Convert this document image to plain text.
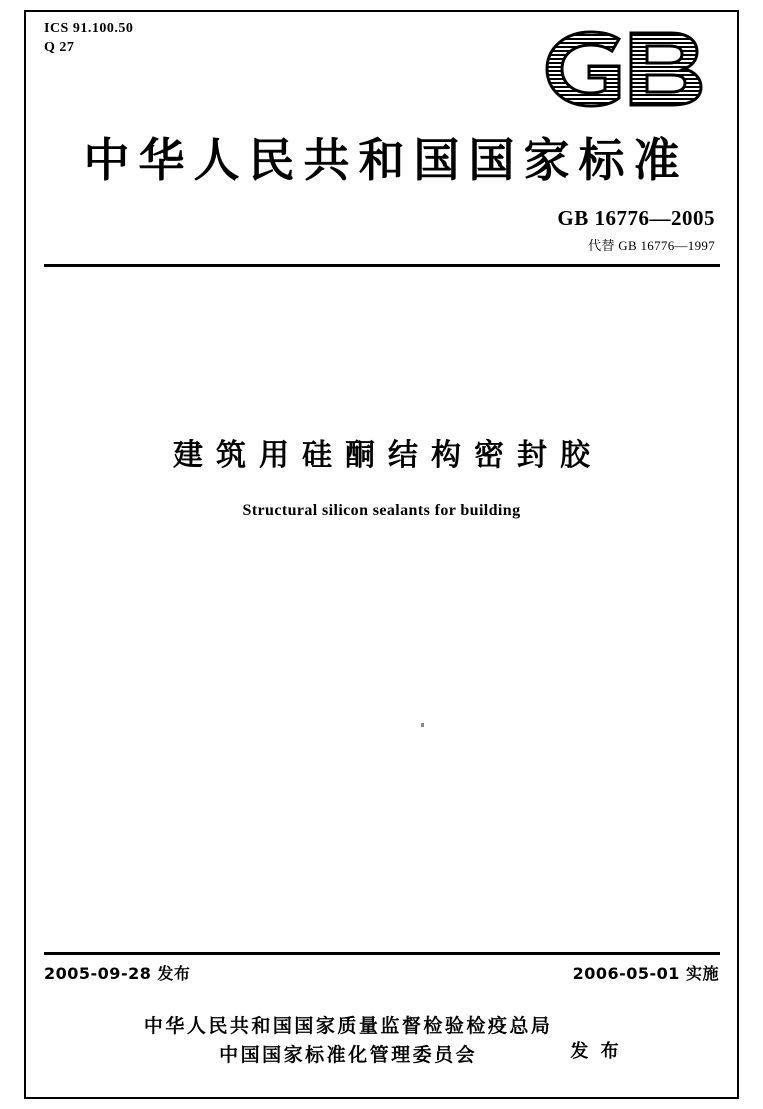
ICS 91.100.50
Q 27
中华人民共和国国家标准
GB 16776—2005
代替 GB 16776—1997
建筑用硅酮结构密封胶
Structural silicon sealants for building
2005-09-28 发布	2006-05-01 实施
中华人民共和国国家质量监督检验检疫总局
中国国家标准化管理委员会	发 布
